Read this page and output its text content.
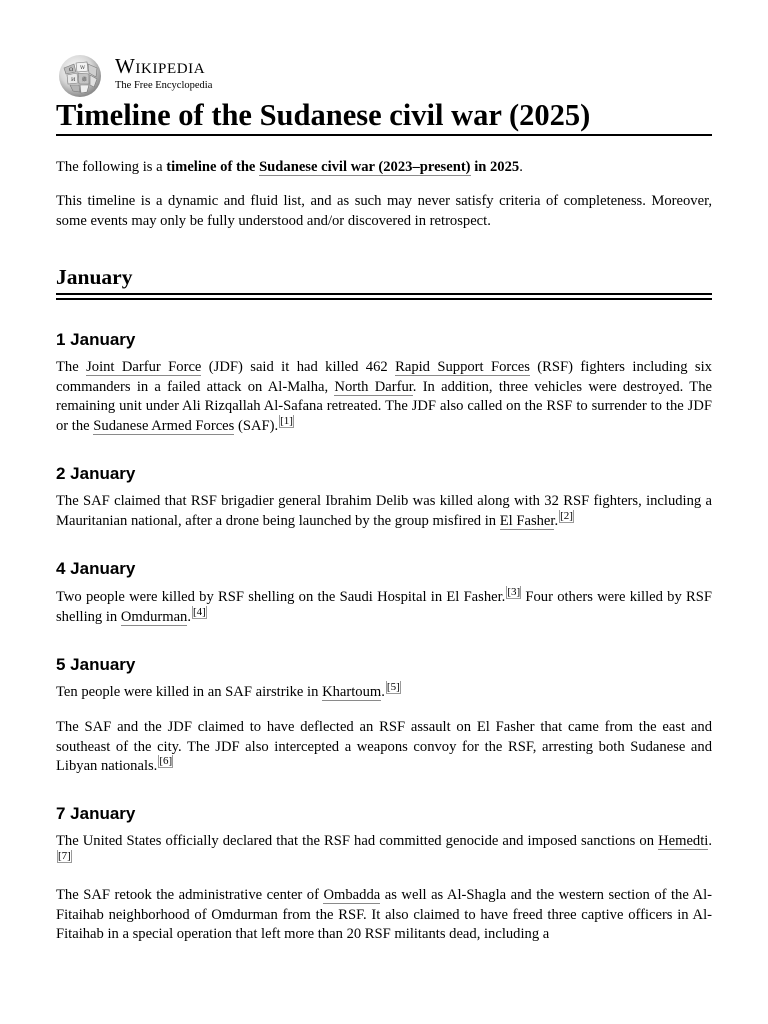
Ω W
И 維
Wikipedia
The Free Encyclopedia
Timeline of the Sudanese civil war (2025)

The following is a timeline of the Sudanese civil war (2023–present) in 2025.

This timeline is a dynamic and fluid list, and as such may never satisfy criteria of completeness. Moreover, some events may only be fully understood and/or discovered in retrospect.

January
1 January

The Joint Darfur Force (JDF) said it had killed 462 Rapid Support Forces (RSF) fighters including six commanders in a failed attack on Al-Malha, North Darfur. In addition, three vehicles were destroyed. The remaining unit under Ali Rizqallah Al-Safana retreated. The JDF also called on the RSF to surrender to the JDF or the Sudanese Armed Forces (SAF). [1]

2 January

The SAF claimed that RSF brigadier general Ibrahim Delib was killed along with 32 RSF fighters, including a Mauritanian national, after a drone being launched by the group misfired in El Fasher. [2]

4 January

Two people were killed by RSF shelling on the Saudi Hospital in El Fasher. [3] Four others were killed by RSF shelling in Omdurman. [4]

5 January

Ten people were killed in an SAF airstrike in Khartoum. [5]

The SAF and the JDF claimed to have deflected an RSF assault on El Fasher that came from the east and southeast of the city. The JDF also intercepted a weapons convoy for the RSF, arresting both Sudanese and Libyan nationals. [6]

7 January

The United States officially declared that the RSF had committed genocide and imposed sanctions on Hemedti.[7]

The SAF retook the administrative center of Ombadda as well as Al-Shagla and the western section of the Al-Fitaihab neighborhood of Omdurman from the RSF. It also claimed to have freed three captive officers in Al-Fitaihab in a special operation that left more than 20 RSF militants dead, including a
